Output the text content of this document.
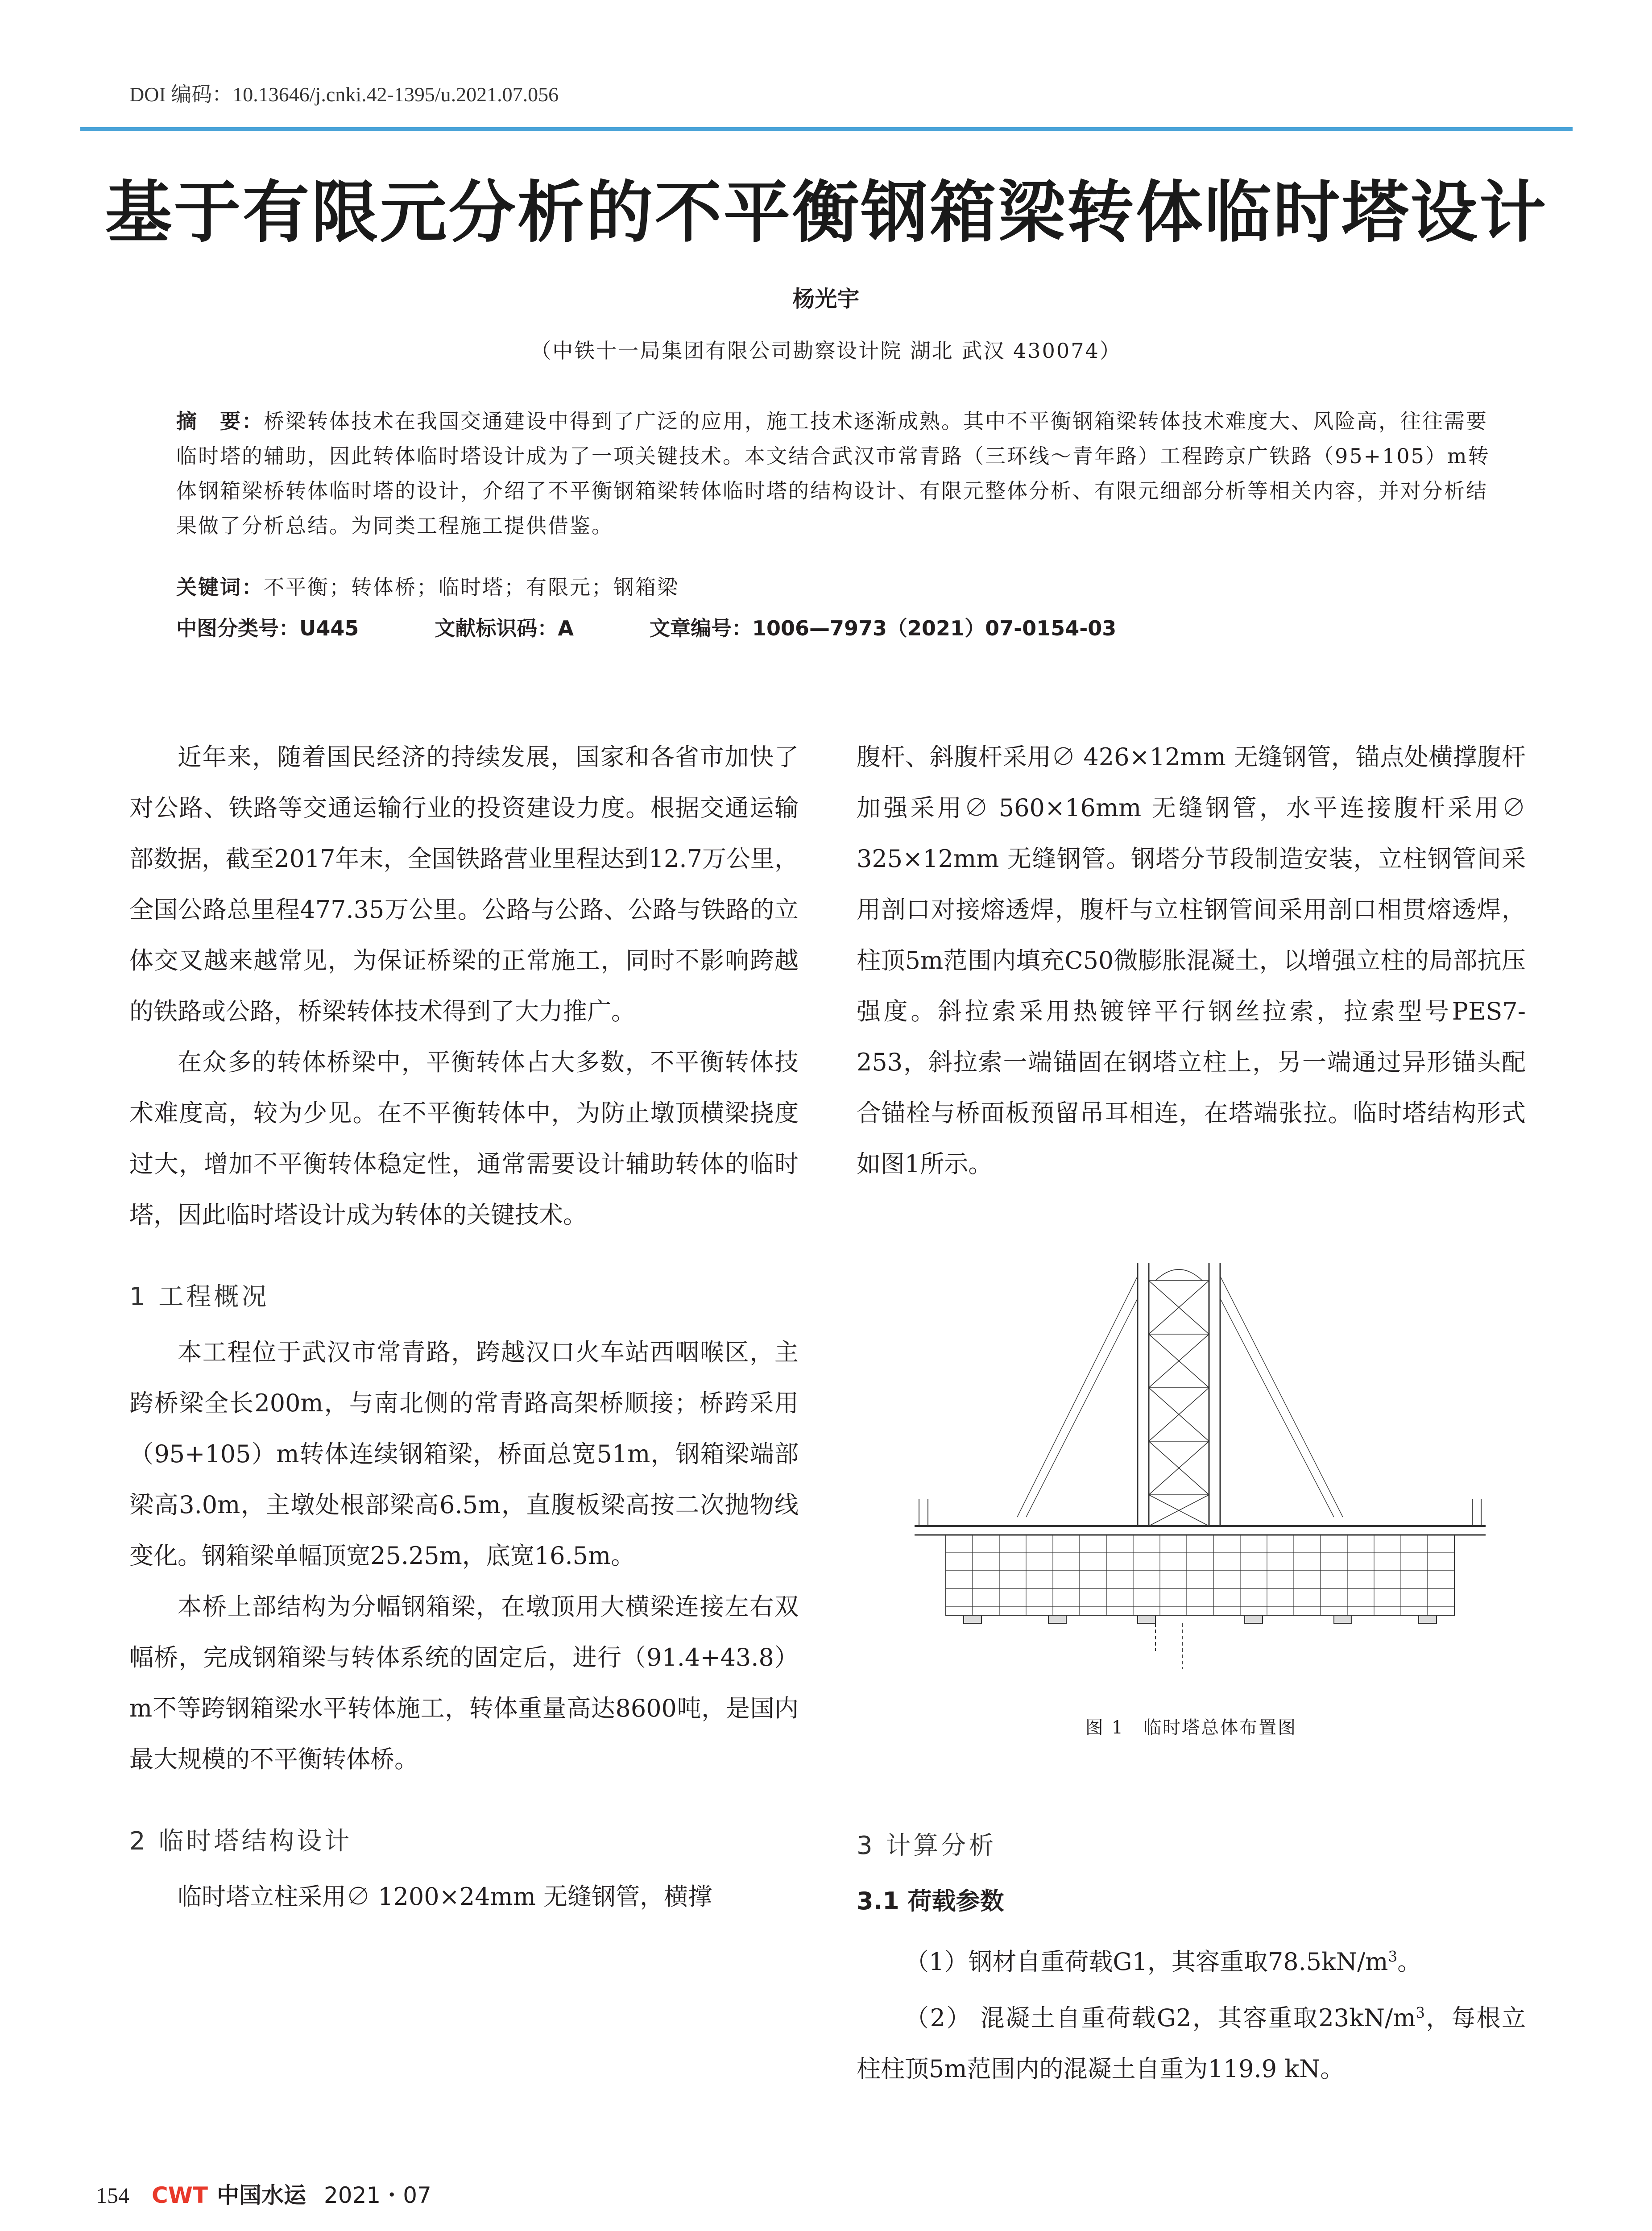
DOI 编码：10.13646/j.cnki.42-1395/u.2021.07.056
基于有限元分析的不平衡钢箱梁转体临时塔设计
杨光宇
（中铁十一局集团有限公司勘察设计院 湖北 武汉 430074）
摘　要：桥梁转体技术在我国交通建设中得到了广泛的应用，施工技术逐渐成熟。其中不平衡钢箱梁转体技术难度大、风险高，往往需要临时塔的辅助，因此转体临时塔设计成为了一项关键技术。本文结合武汉市常青路（三环线～青年路）工程跨京广铁路（95+105）m转体钢箱梁桥转体临时塔的设计，介绍了不平衡钢箱梁转体临时塔的结构设计、有限元整体分析、有限元细部分析等相关内容，并对分析结果做了分析总结。为同类工程施工提供借鉴。
关键词：不平衡；转体桥；临时塔；有限元；钢箱梁
中图分类号：U445	文献标识码：A	文章编号：1006—7973（2021）07-0154-03

近年来，随着国民经济的持续发展，国家和各省市加快了对公路、铁路等交通运输行业的投资建设力度。根据交通运输部数据，截至2017年末，全国铁路营业里程达到12.7万公里，全国公路总里程477.35万公里。公路与公路、公路与铁路的立体交叉越来越常见，为保证桥梁的正常施工，同时不影响跨越的铁路或公路，桥梁转体技术得到了大力推广。

在众多的转体桥梁中，平衡转体占大多数，不平衡转体技术难度高，较为少见。在不平衡转体中，为防止墩顶横梁挠度过大，增加不平衡转体稳定性，通常需要设计辅助转体的临时塔，因此临时塔设计成为转体的关键技术。

1 工程概况

本工程位于武汉市常青路，跨越汉口火车站西咽喉区，主跨桥梁全长200m，与南北侧的常青路高架桥顺接；桥跨采用（95+105）m转体连续钢箱梁，桥面总宽51m，钢箱梁端部梁高3.0m，主墩处根部梁高6.5m，直腹板梁高按二次抛物线变化。钢箱梁单幅顶宽25.25m，底宽16.5m。

本桥上部结构为分幅钢箱梁，在墩顶用大横梁连接左右双幅桥，完成钢箱梁与转体系统的固定后，进行（91.4+43.8）m不等跨钢箱梁水平转体施工，转体重量高达8600吨，是国内最大规模的不平衡转体桥。

2 临时塔结构设计

临时塔立柱采用∅ 1200×24mm 无缝钢管，横撑

腹杆、斜腹杆采用∅ 426×12mm 无缝钢管，锚点处横撑腹杆加强采用∅ 560×16mm 无缝钢管，水平连接腹杆采用∅ 325×12mm 无缝钢管。钢塔分节段制造安装，立柱钢管间采用剖口对接熔透焊，腹杆与立柱钢管间采用剖口相贯熔透焊，柱顶5m范围内填充C50微膨胀混凝土，以增强立柱的局部抗压强度。斜拉索采用热镀锌平行钢丝拉索，拉索型号PES7-253，斜拉索一端锚固在钢塔立柱上，另一端通过异形锚头配合锚栓与桥面板预留吊耳相连，在塔端张拉。临时塔结构形式如图1所示。

图 1　临时塔总体布置图
3 计算分析
3.1 荷载参数

（1）钢材自重荷载G1，其容重取$78.5kN/m^3$。

（2） 混凝土自重荷载G2，其容重取$23kN/m^3$，每根立柱柱顶5m范围内的混凝土自重为119.9 kN。

154 CWT 中国水运 2021・07
